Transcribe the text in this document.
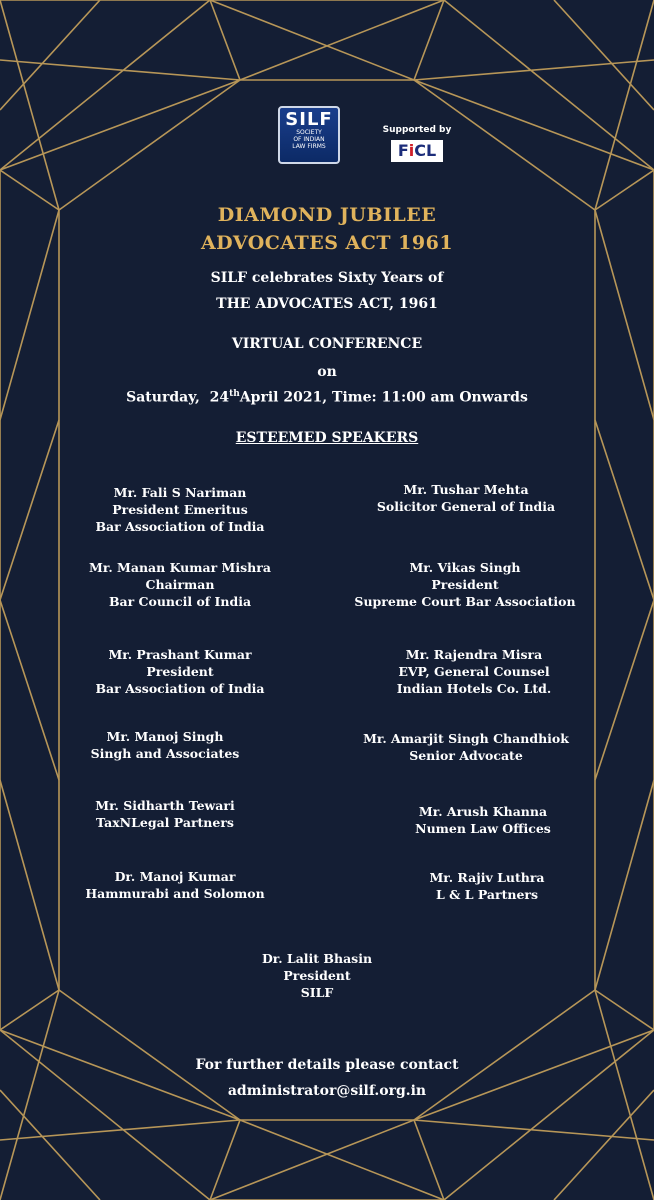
SILF
SOCIETY
OF INDIAN
LAW FIRMS
Supported by
FiCL
DIAMOND JUBILEE
ADVOCATES ACT 1961
SILF celebrates Sixty Years of
THE ADVOCATES ACT, 1961
VIRTUAL CONFERENCE
on
Saturday,  24thApril 2021, Time: 11:00 am Onwards
ESTEEMED SPEAKERS
Mr. Fali S Nariman
President Emeritus
Bar Association of India
Mr. Manan Kumar Mishra
Chairman
Bar Council of India
Mr. Prashant Kumar
President
Bar Association of India
Mr. Manoj Singh
Singh and Associates
Mr. Sidharth Tewari
TaxNLegal Partners
Dr. Manoj Kumar
Hammurabi and Solomon
Mr. Tushar Mehta
Solicitor General of India
Mr. Vikas Singh
President
Supreme Court Bar Association
Mr. Rajendra Misra
EVP, General Counsel
Indian Hotels Co. Ltd.
Mr. Amarjit Singh Chandhiok
Senior Advocate
Mr. Arush Khanna
Numen Law Offices
Mr. Rajiv Luthra
L & L Partners
Dr. Lalit Bhasin
President
SILF
For further details please contact
administrator@silf.org.in
